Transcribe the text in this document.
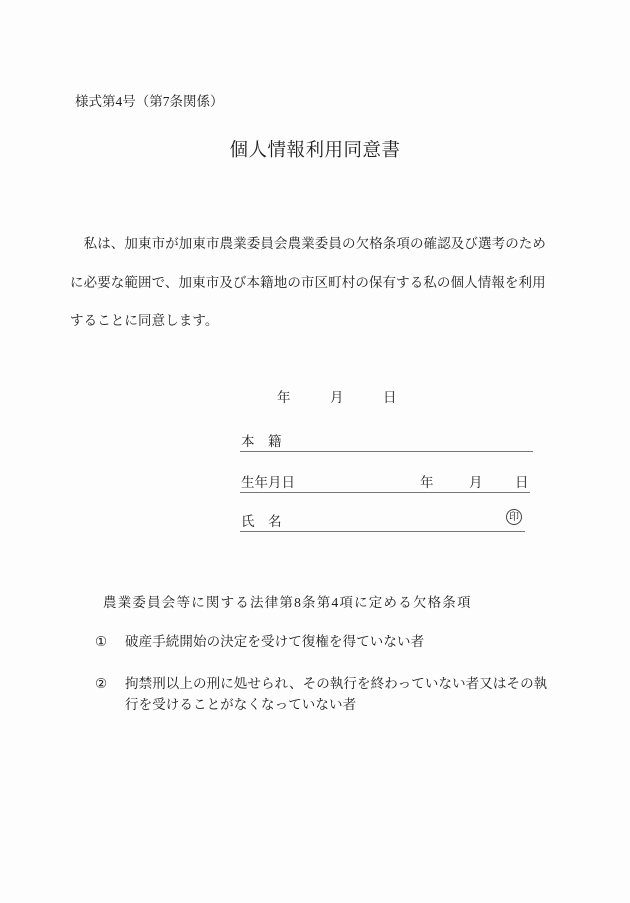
様式第4号（第7条関係）
個人情報利用同意書
　私は、加東市が加東市農業委員会農業委員の欠格条項の確認及び選考のため
に必要な範囲で、加東市及び本籍地の市区町村の保有する私の個人情報を利用
することに同意します。
年	月	日
本　籍
生年月日	年	月 日
氏　名	印
農業委員会等に関する法律第8条第4項に定める欠格条項
①	破産手続開始の決定を受けて復権を得ていない者
②	拘禁刑以上の刑に処せられ、その執行を終わっていない者又はその執
行を受けることがなくなっていない者
